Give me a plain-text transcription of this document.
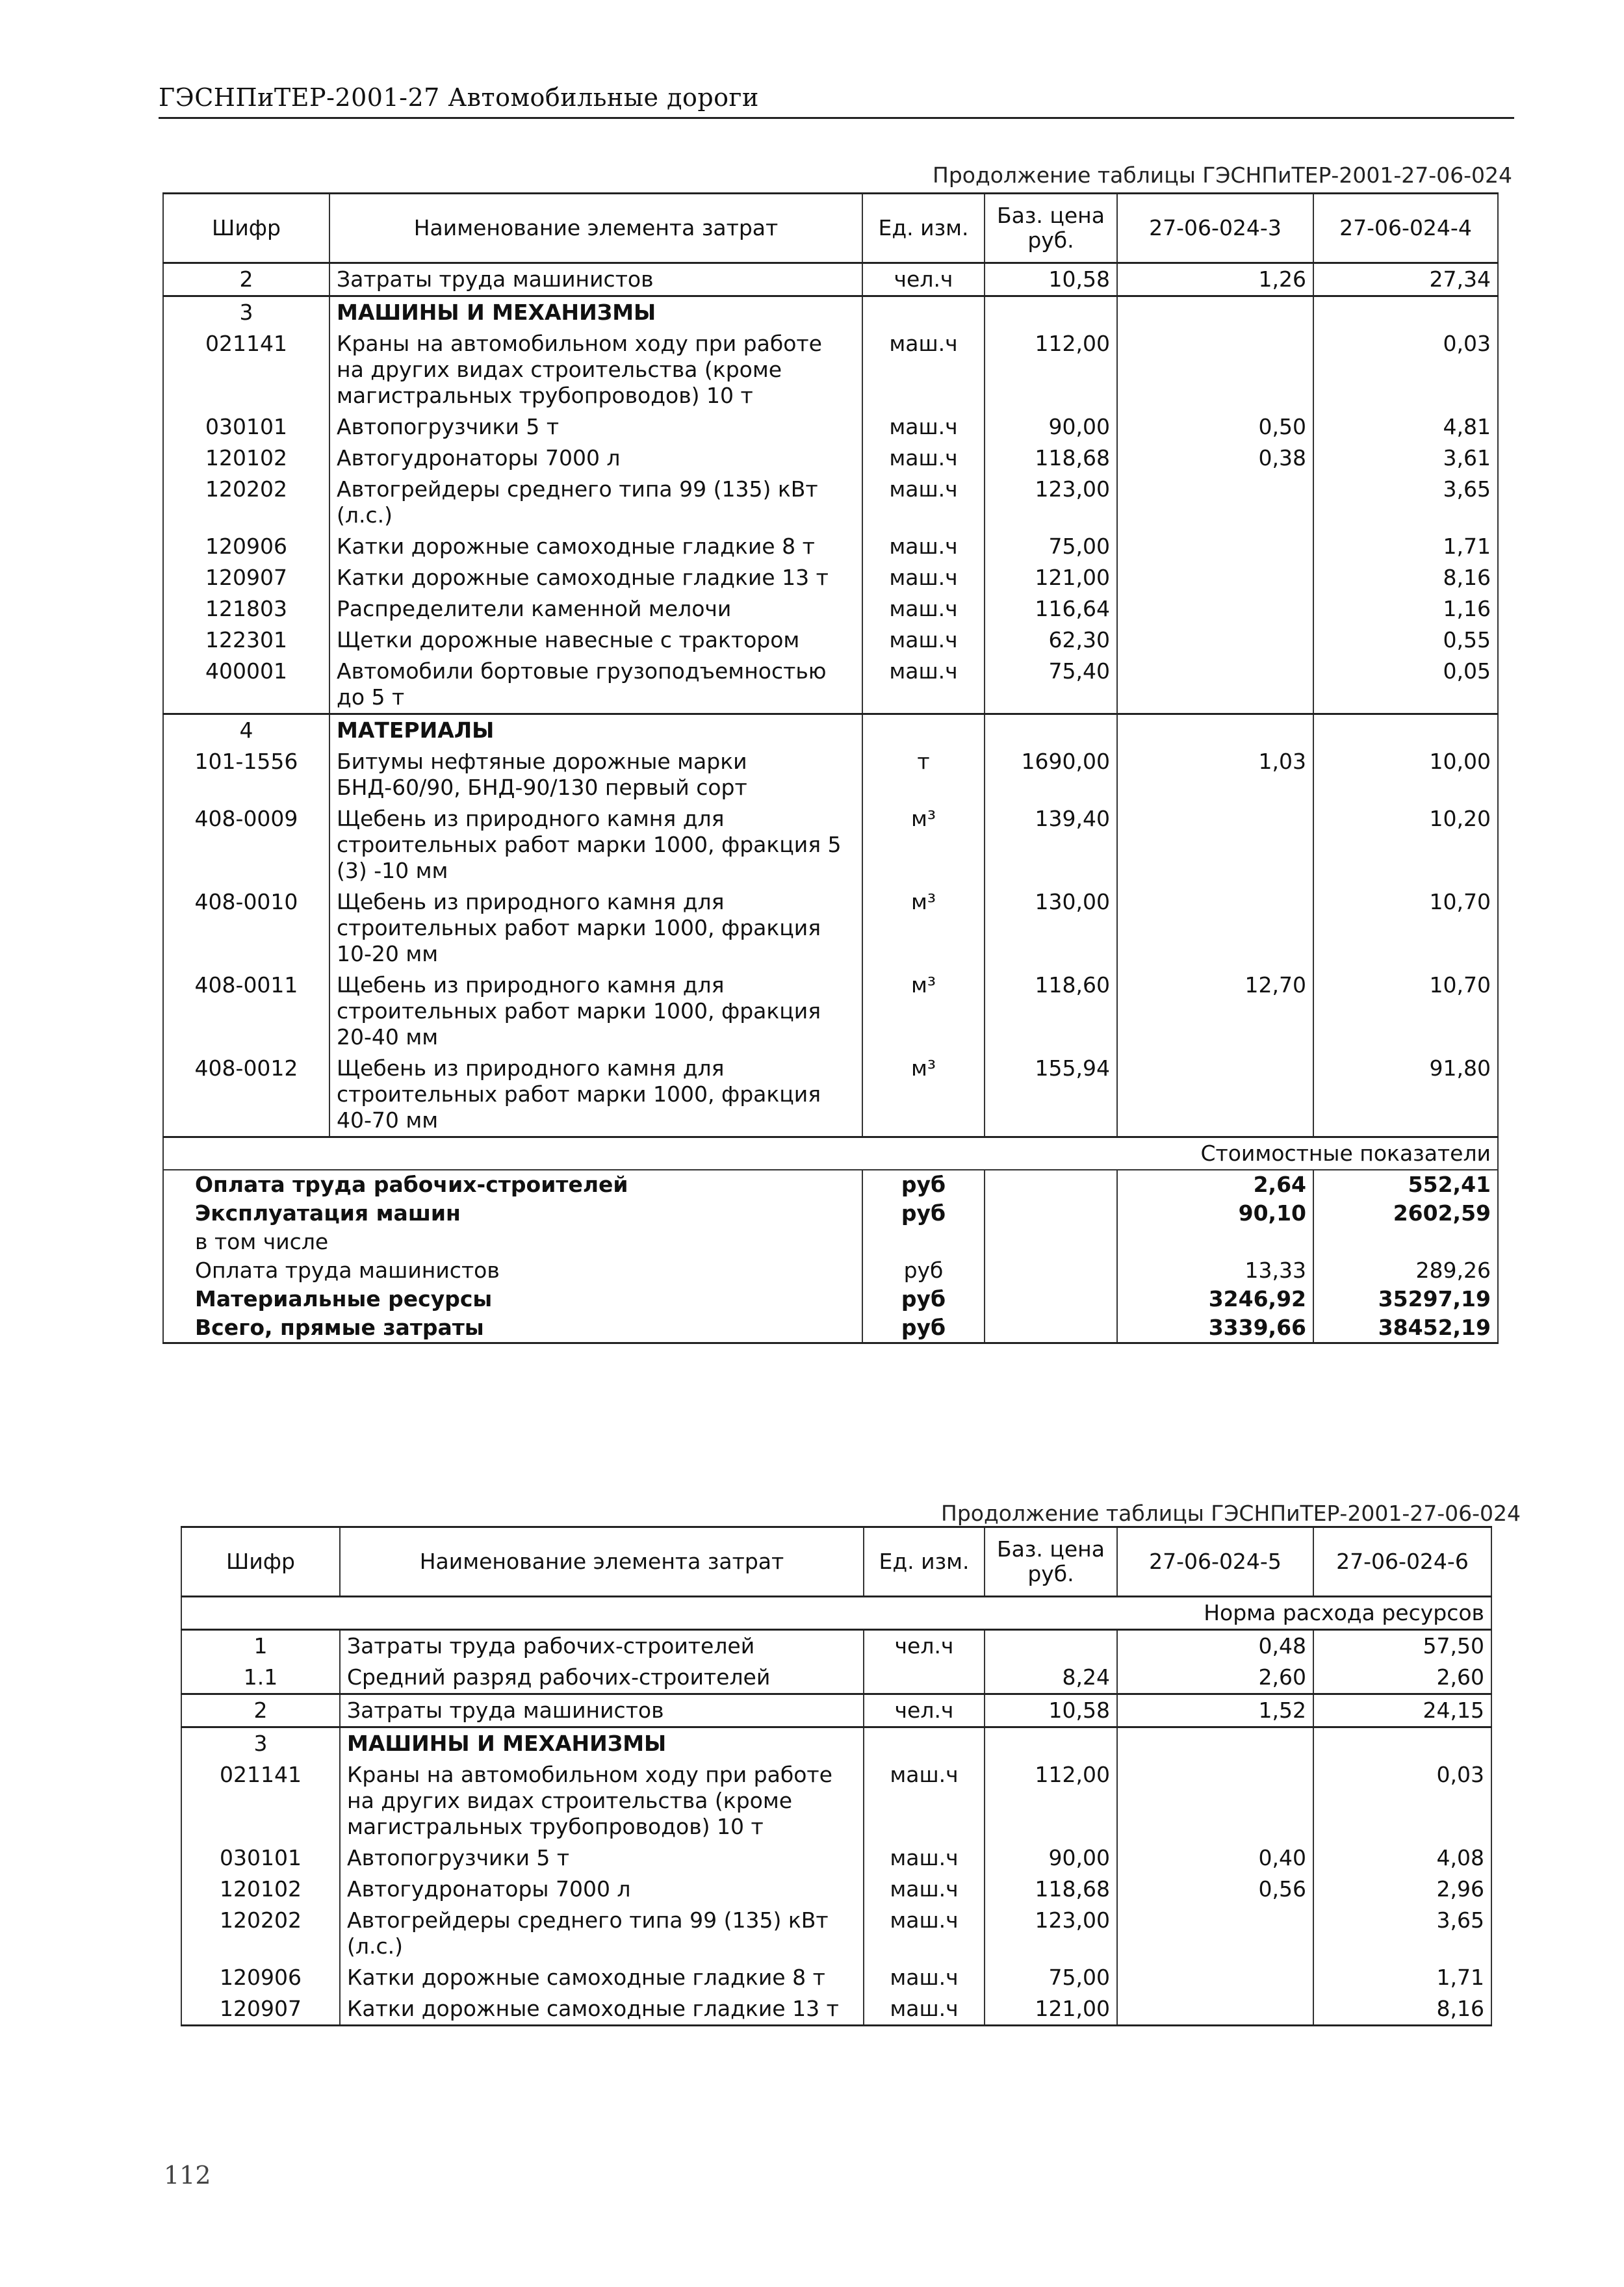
ГЭСНПиТЕР-2001-27 Автомобильные дороги
Продолжение таблицы ГЭСНПиТЕР-2001-27-06-024
Шифр	Наименование элемента затрат	Ед. изм.	Баз. цена руб.	27-06-024-3	27-06-024-4
2	Затраты труда машинистов	чел.ч	10,58	1,26	27,34
3	МАШИНЫ И МЕХАНИЗМЫ				
021141	Краны на автомобильном ходу при работе на других видах строительства (кроме магистральных трубопроводов) 10 т	маш.ч	112,00		0,03
030101	Автопогрузчики 5 т	маш.ч	90,00	0,50	4,81
120102	Автогудронаторы 7000 л	маш.ч	118,68	0,38	3,61
120202	Автогрейдеры среднего типа 99 (135) кВт (л.с.)	маш.ч	123,00		3,65
120906	Катки дорожные самоходные гладкие 8 т	маш.ч	75,00		1,71
120907	Катки дорожные самоходные гладкие 13 т	маш.ч	121,00		8,16
121803	Распределители каменной мелочи	маш.ч	116,64		1,16
122301	Щетки дорожные навесные с трактором	маш.ч	62,30		0,55
400001	Автомобили бортовые грузоподъемностью до 5 т	маш.ч	75,40		0,05
4	МАТЕРИАЛЫ				
101-1556	Битумы нефтяные дорожные марки БНД-60/90, БНД-90/130 первый сорт	т	1690,00	1,03	10,00
408-0009	Щебень из природного камня для строительных работ марки 1000, фракция 5 (3) -10 мм	м³	139,40		10,20
408-0010	Щебень из природного камня для строительных работ марки 1000, фракция 10-20 мм	м³	130,00		10,70
408-0011	Щебень из природного камня для строительных работ марки 1000, фракция 20-40 мм	м³	118,60	12,70	10,70
408-0012	Щебень из природного камня для строительных работ марки 1000, фракция 40-70 мм	м³	155,94		91,80
Стоимостные показатели					
Оплата труда рабочих-строителей		руб		2,64	552,41
Эксплуатация машин		руб		90,10	2602,59
в том числе					
Оплата труда машинистов		руб		13,33	289,26
Материальные ресурсы		руб		3246,92	35297,19
Всего, прямые затраты		руб		3339,66	38452,19
Продолжение таблицы ГЭСНПиТЕР-2001-27-06-024
Шифр	Наименование элемента затрат	Ед. изм.	Баз. цена руб.	27-06-024-5	27-06-024-6
Норма расхода ресурсов					
1	Затраты труда рабочих-строителей	чел.ч		0,48	57,50
1.1	Средний разряд рабочих-строителей		8,24	2,60	2,60
2	Затраты труда машинистов	чел.ч	10,58	1,52	24,15
3	МАШИНЫ И МЕХАНИЗМЫ				
021141	Краны на автомобильном ходу при работе на других видах строительства (кроме магистральных трубопроводов) 10 т	маш.ч	112,00		0,03
030101	Автопогрузчики 5 т	маш.ч	90,00	0,40	4,08
120102	Автогудронаторы 7000 л	маш.ч	118,68	0,56	2,96
120202	Автогрейдеры среднего типа 99 (135) кВт (л.с.)	маш.ч	123,00		3,65
120906	Катки дорожные самоходные гладкие 8 т	маш.ч	75,00		1,71
120907	Катки дорожные самоходные гладкие 13 т	маш.ч	121,00		8,16
112
